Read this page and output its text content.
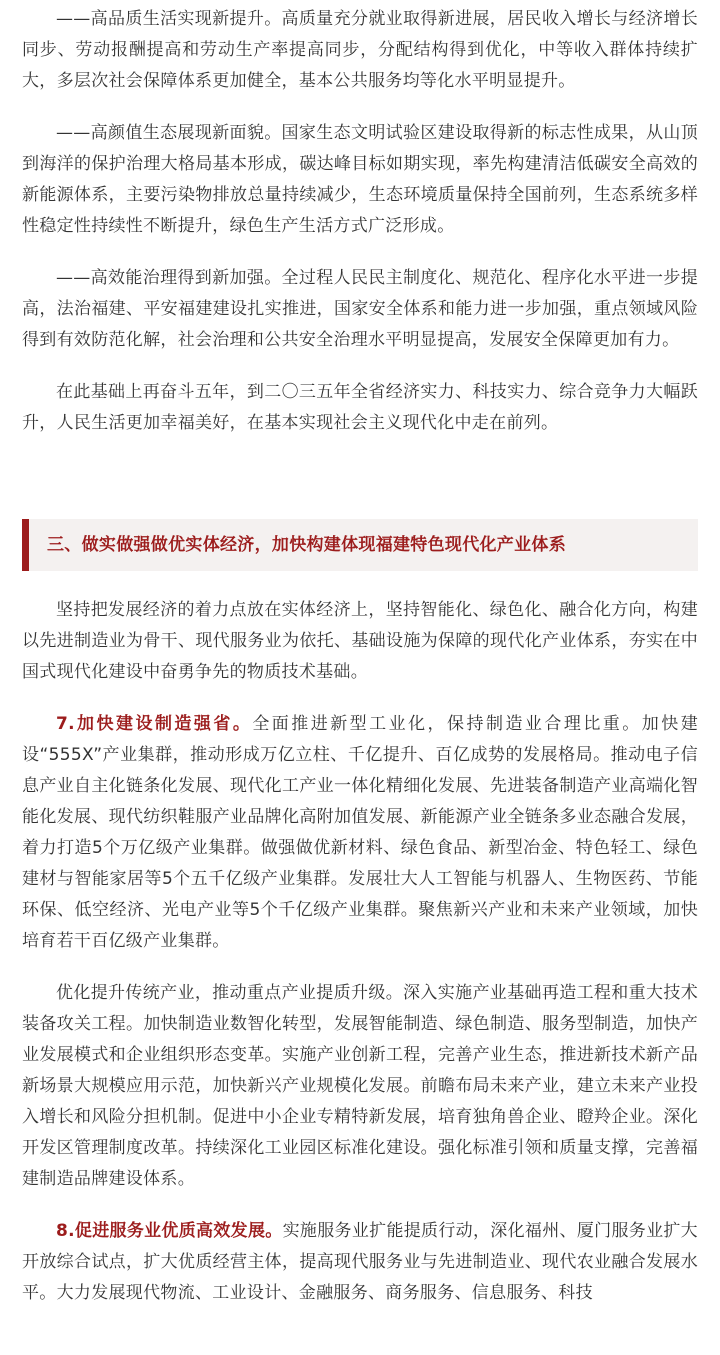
——高品质生活实现新提升。高质量充分就业取得新进展，居民收入增长与经济增长同步、劳动报酬提高和劳动生产率提高同步，分配结构得到优化，中等收入群体持续扩大，多层次社会保障体系更加健全，基本公共服务均等化水平明显提升。

——高颜值生态展现新面貌。国家生态文明试验区建设取得新的标志性成果，从山顶到海洋的保护治理大格局基本形成，碳达峰目标如期实现，率先构建清洁低碳安全高效的新能源体系，主要污染物排放总量持续减少，生态环境质量保持全国前列，生态系统多样性稳定性持续性不断提升，绿色生产生活方式广泛形成。

——高效能治理得到新加强。全过程人民民主制度化、规范化、程序化水平进一步提高，法治福建、平安福建建设扎实推进，国家安全体系和能力进一步加强，重点领域风险得到有效防范化解，社会治理和公共安全治理水平明显提高，发展安全保障更加有力。

在此基础上再奋斗五年，到二〇三五年全省经济实力、科技实力、综合竞争力大幅跃升，人民生活更加幸福美好，在基本实现社会主义现代化中走在前列。

三、做实做强做优实体经济，加快构建体现福建特色现代化产业体系

坚持把发展经济的着力点放在实体经济上，坚持智能化、绿色化、融合化方向，构建以先进制造业为骨干、现代服务业为依托、基础设施为保障的现代化产业体系，夯实在中国式现代化建设中奋勇争先的物质技术基础。

7.加快建设制造强省。全面推进新型工业化，保持制造业合理比重。加快建设“555X”产业集群，推动形成万亿立柱、千亿提升、百亿成势的发展格局。推动电子信息产业自主化链条化发展、现代化工产业一体化精细化发展、先进装备制造产业高端化智能化发展、现代纺织鞋服产业品牌化高附加值发展、新能源产业全链条多业态融合发展，着力打造5个万亿级产业集群。做强做优新材料、绿色食品、新型冶金、特色轻工、绿色建材与智能家居等5个五千亿级产业集群。发展壮大人工智能与机器人、生物医药、节能环保、低空经济、光电产业等5个千亿级产业集群。聚焦新兴产业和未来产业领域，加快培育若干百亿级产业集群。

优化提升传统产业，推动重点产业提质升级。深入实施产业基础再造工程和重大技术装备攻关工程。加快制造业数智化转型，发展智能制造、绿色制造、服务型制造，加快产业发展模式和企业组织形态变革。实施产业创新工程，完善产业生态，推进新技术新产品新场景大规模应用示范，加快新兴产业规模化发展。前瞻布局未来产业，建立未来产业投入增长和风险分担机制。促进中小企业专精特新发展，培育独角兽企业、瞪羚企业。深化开发区管理制度改革。持续深化工业园区标准化建设。强化标准引领和质量支撑，完善福建制造品牌建设体系。

8.促进服务业优质高效发展。实施服务业扩能提质行动，深化福州、厦门服务业扩大开放综合试点，扩大优质经营主体，提高现代服务业与先进制造业、现代农业融合发展水平。大力发展现代物流、工业设计、金融服务、商务服务、信息服务、科技
